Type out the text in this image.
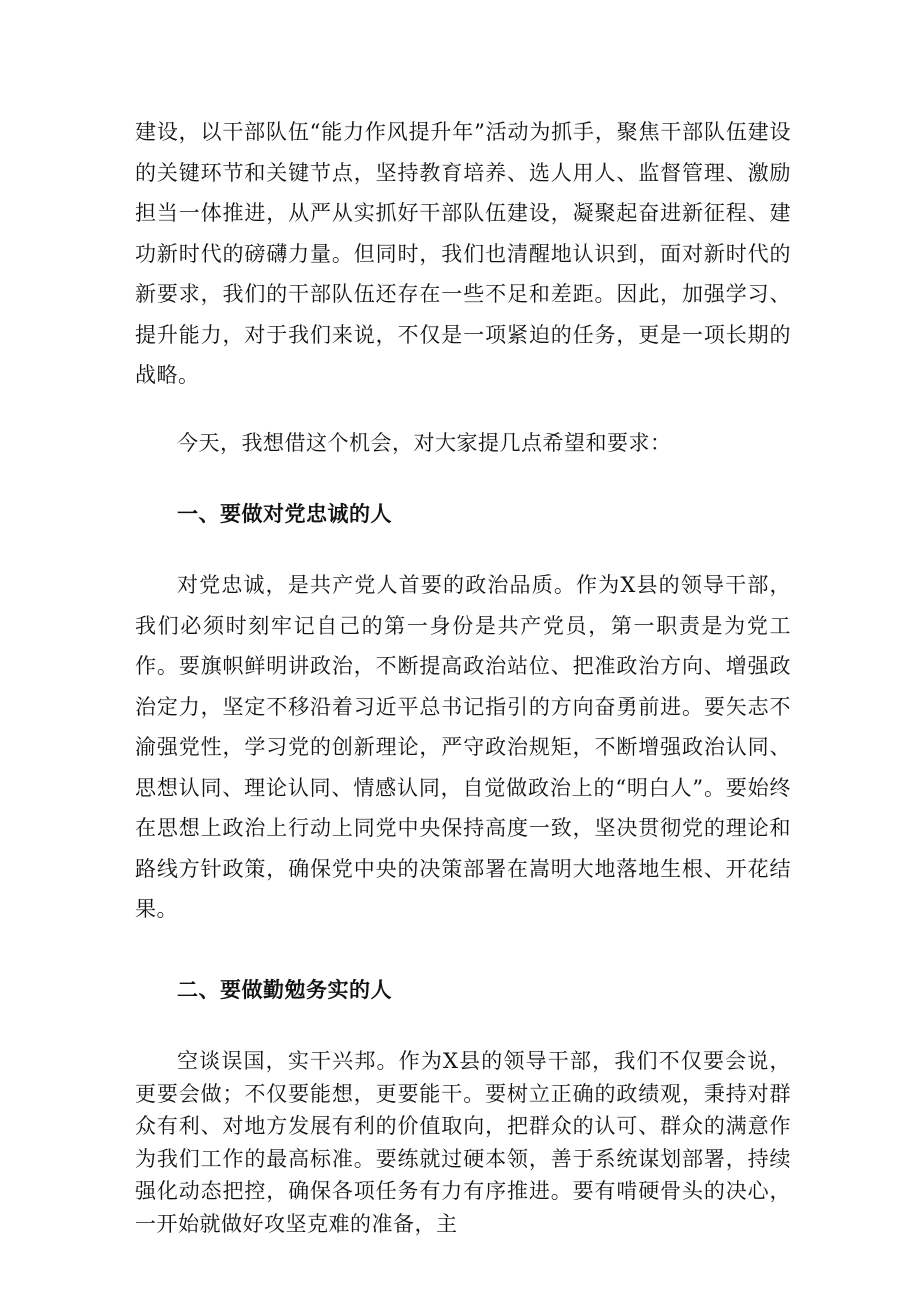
建设，以干部队伍“能力作风提升年”活动为抓手，聚焦干部队伍建设的关键环节和关键节点，坚持教育培养、选人用人、监督管理、激励担当一体推进，从严从实抓好干部队伍建设，凝聚起奋进新征程、建功新时代的磅礴力量。但同时，我们也清醒地认识到，面对新时代的新要求，我们的干部队伍还存在一些不足和差距。因此，加强学习、提升能力，对于我们来说，不仅是一项紧迫的任务，更是一项长期的战略。

今天，我想借这个机会，对大家提几点希望和要求：

一、要做对党忠诚的人

对党忠诚，是共产党人首要的政治品质。作为X县的领导干部，我们必须时刻牢记自己的第一身份是共产党员，第一职责是为党工作。要旗帜鲜明讲政治，不断提高政治站位、把准政治方向、增强政治定力，坚定不移沿着习近平总书记指引的方向奋勇前进。要矢志不渝强党性，学习党的创新理论，严守政治规矩，不断增强政治认同、思想认同、理论认同、情感认同，自觉做政治上的“明白人”。要始终在思想上政治上行动上同党中央保持高度一致，坚决贯彻党的理论和路线方针政策，确保党中央的决策部署在嵩明大地落地生根、开花结果。

二、要做勤勉务实的人

空谈误国，实干兴邦。作为X县的领导干部，我们不仅要会说，更要会做；不仅要能想，更要能干。要树立正确的政绩观，秉持对群众有利、对地方发展有利的价值取向，把群众的认可、群众的满意作为我们工作的最高标准。要练就过硬本领，善于系统谋划部署，持续强化动态把控，确保各项任务有力有序推进。要有啃硬骨头的决心，一开始就做好攻坚克难的准备，主
